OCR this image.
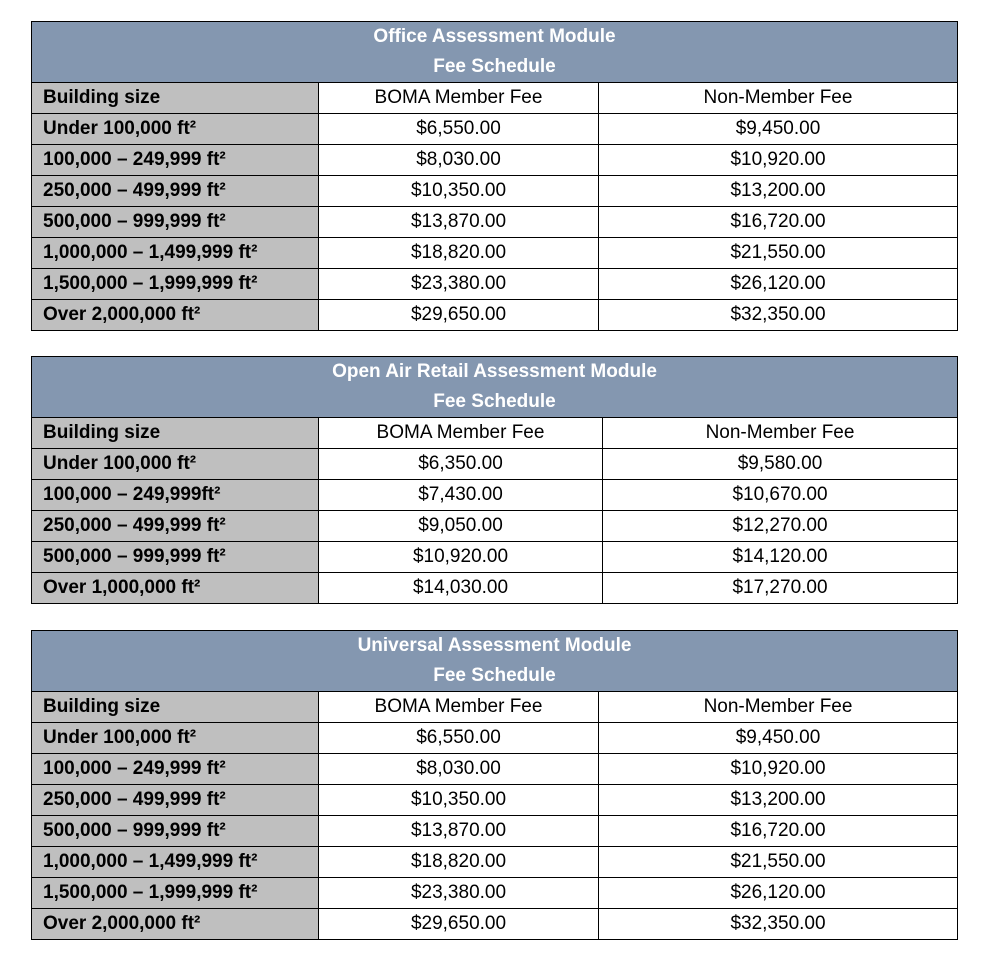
Office Assessment Module
Fee Schedule		

Building size	BOMA Member Fee	Non-Member Fee
Under 100,000 ft²	$6,550.00	$9,450.00
100,000 – 249,999 ft²	$8,030.00	$10,920.00
250,000 – 499,999 ft²	$10,350.00	$13,200.00
500,000 – 999,999 ft²	$13,870.00	$16,720.00
1,000,000 – 1,499,999 ft²	$18,820.00	$21,550.00
1,500,000 – 1,999,999 ft²	$23,380.00	$26,120.00
Over 2,000,000 ft²	$29,650.00	$32,350.00
Open Air Retail Assessment Module
Fee Schedule		

Building size	BOMA Member Fee	Non-Member Fee
Under 100,000 ft²	$6,350.00	$9,580.00
100,000 – 249,999ft²	$7,430.00	$10,670.00
250,000 – 499,999 ft²	$9,050.00	$12,270.00
500,000 – 999,999 ft²	$10,920.00	$14,120.00
Over 1,000,000 ft²	$14,030.00	$17,270.00
Universal Assessment Module
Fee Schedule		

Building size	BOMA Member Fee	Non-Member Fee
Under 100,000 ft²	$6,550.00	$9,450.00
100,000 – 249,999 ft²	$8,030.00	$10,920.00
250,000 – 499,999 ft²	$10,350.00	$13,200.00
500,000 – 999,999 ft²	$13,870.00	$16,720.00
1,000,000 – 1,499,999 ft²	$18,820.00	$21,550.00
1,500,000 – 1,999,999 ft²	$23,380.00	$26,120.00
Over 2,000,000 ft²	$29,650.00	$32,350.00
